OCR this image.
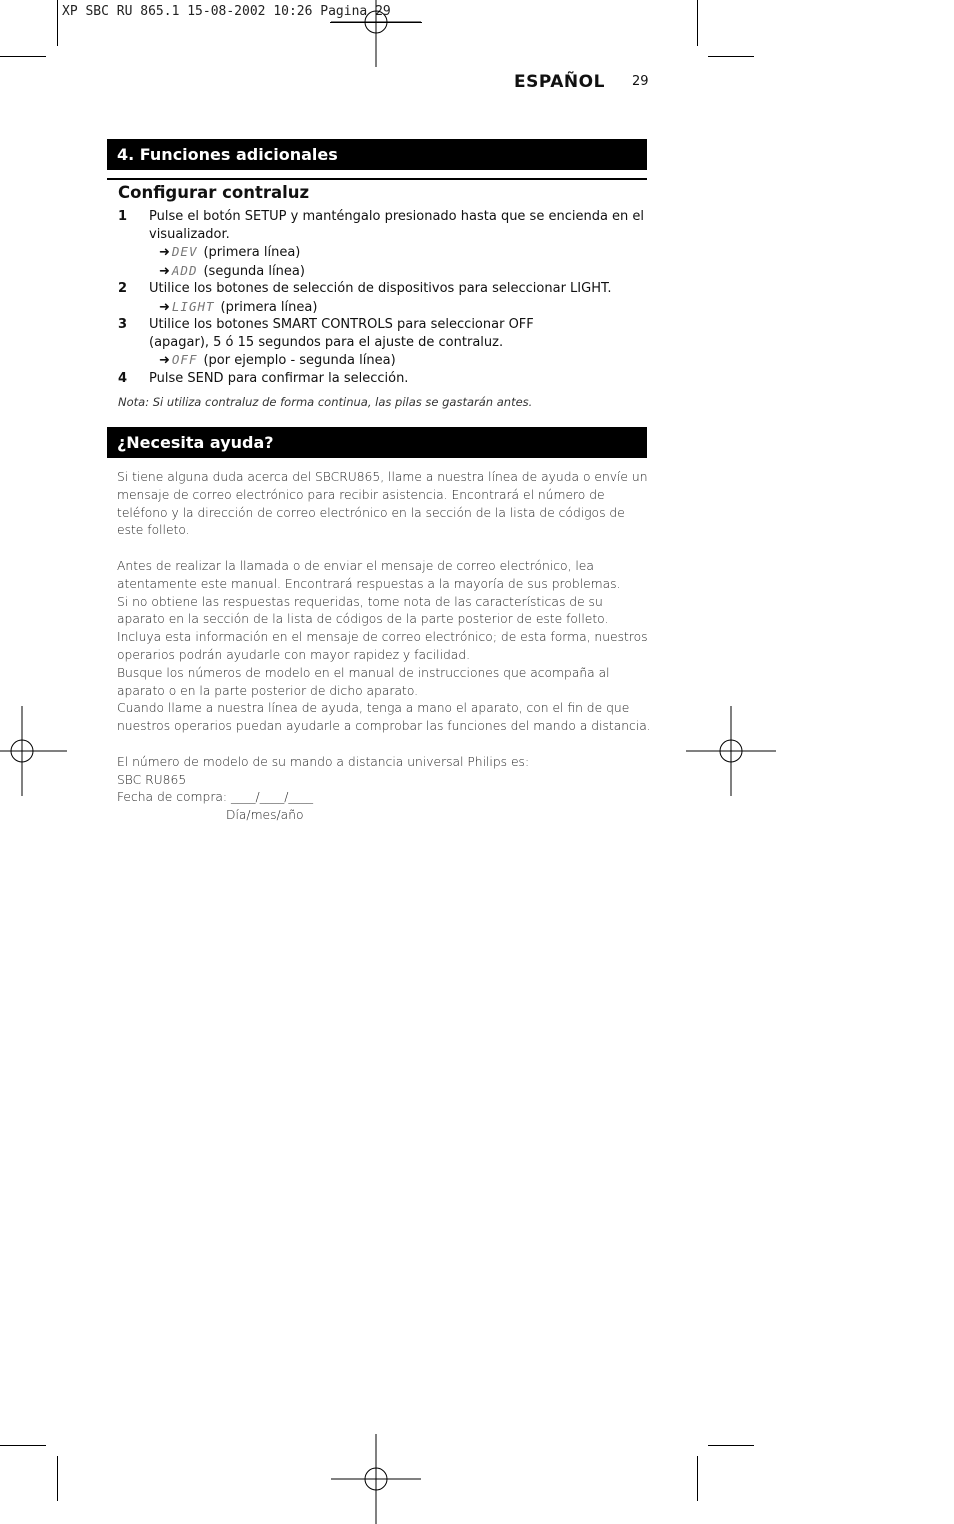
XP SBC RU 865.1 15-08-2002 10:26 Pagina 29
ESPAÑOL 29
4. Funciones adicionales
Configurar contraluz
1 Pulse el botón SETUP y manténgalo presionado hasta que se encienda en el visualizador.
➜ DEV (primera línea)
➜ ADD (segunda línea)
2 Utilice los botones de selección de dispositivos para seleccionar LIGHT.
➜ LIGHT (primera línea)
3 Utilice los botones SMART CONTROLS para seleccionar OFF (apagar), 5 ó 15 segundos para el ajuste de contraluz.
➜ OFF (por ejemplo - segunda línea)
4 Pulse SEND para confirmar la selección.
Nota: Si utiliza contraluz de forma continua, las pilas se gastarán antes.
¿Necesita ayuda?

Si tiene alguna duda acerca del SBCRU865, llame a nuestra línea de ayuda o envíe un mensaje de correo electrónico para recibir asistencia. Encontrará el número de teléfono y la dirección de correo electrónico en la sección de la lista de códigos de este folleto.

Antes de realizar la llamada o de enviar el mensaje de correo electrónico, lea atentamente este manual. Encontrará respuestas a la mayoría de sus problemas.

Si no obtiene las respuestas requeridas, tome nota de las características de su aparato en la sección de la lista de códigos de la parte posterior de este folleto. Incluya esta información en el mensaje de correo electrónico; de esta forma, nuestros operarios podrán ayudarle con mayor rapidez y facilidad.

Busque los números de modelo en el manual de instrucciones que acompaña al aparato o en la parte posterior de dicho aparato.

Cuando llame a nuestra línea de ayuda, tenga a mano el aparato, con el fin de que nuestros operarios puedan ayudarle a comprobar las funciones del mando a distancia.

El número de modelo de su mando a distancia universal Philips es:

SBC RU865

Fecha de compra: ____/____/____

Día/mes/año
